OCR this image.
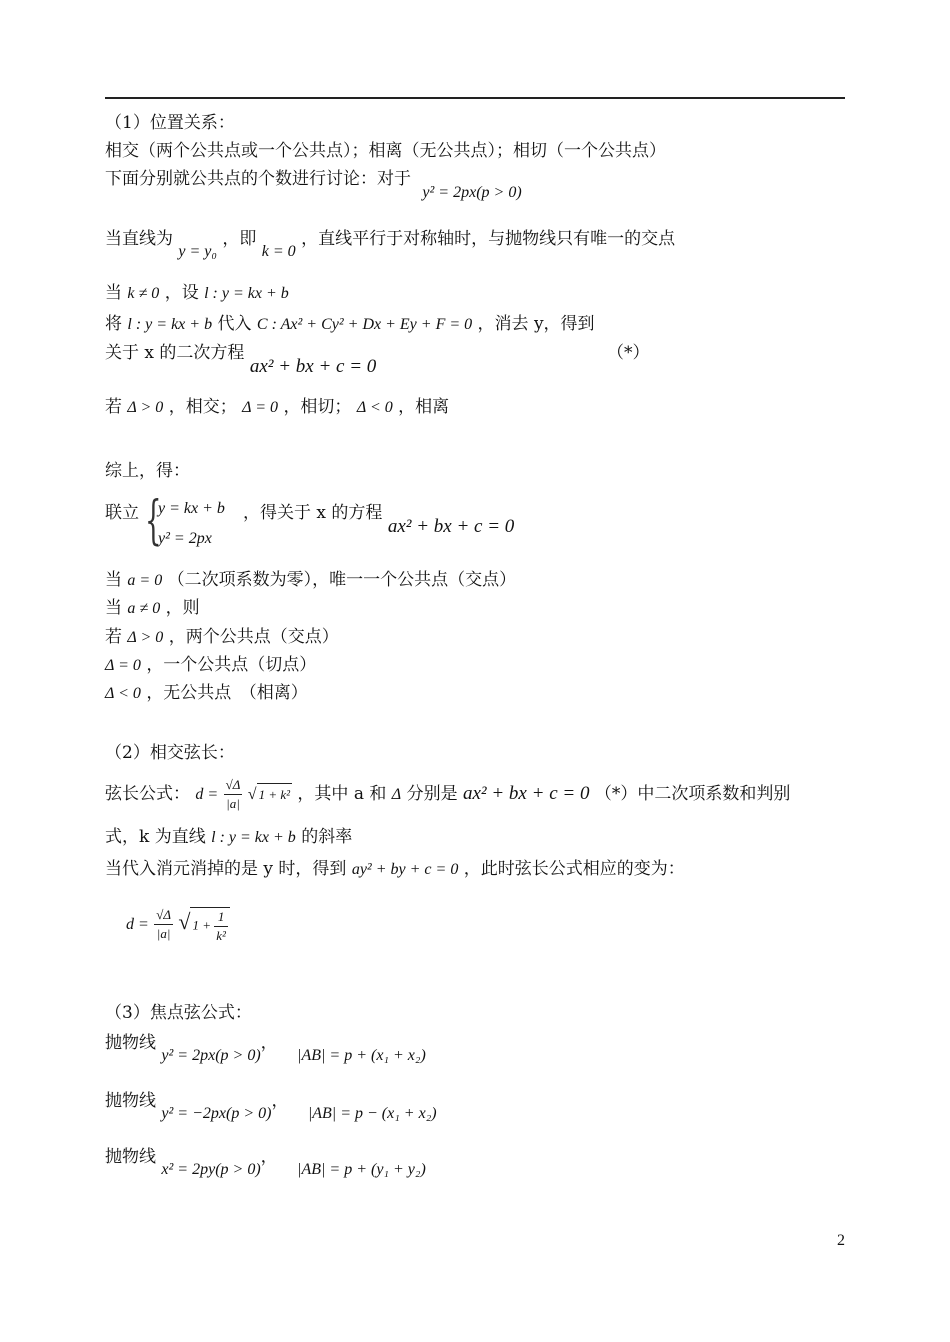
（1）位置关系：
相交（两个公共点或一个公共点）；相离（无公共点）；相切（一个公共点）
下面分别就公共点的个数进行讨论：对于 y² = 2px(p > 0)
当直线为 y = y₀ ，即 k = 0 ，直线平行于对称轴时，与抛物线只有唯一的交点
当 k ≠ 0 ，设 l : y = kx + b
将 l : y = kx + b 代入 C : Ax² + Cy² + Dx + Ey + F = 0 ，消去 y，得到
关于 x 的二次方程 ax² + bx + c = 0
（*）
若 Δ > 0 ，相交； Δ = 0 ，相切； Δ < 0 ，相离
综上，得：
联立 {
y = kx + b
y² = 2px
，得关于 x 的方程 ax² + bx + c = 0
当 a = 0 （二次项系数为零），唯一一个公共点（交点）
当 a ≠ 0 ，则
若 Δ > 0 ，两个公共点（交点）
Δ = 0 ，一个公共点（切点）
Δ < 0 ，无公共点　（相离）
（2）相交弦长：
弦长公式： $d = \frac{√\Delta}{|a|}$ √ 1 + k² ，其中 a 和 Δ 分别是 ax² + bx + c = 0 （*）中二次项系数和判别
式，k 为直线 l : y = kx + b 的斜率
当代入消元消掉的是 y 时，得到 ay² + by + c = 0 ，此时弦长公式相应的变为：
$d = \frac{√\Delta}{|a|}$ √ $1 + \frac{1}{\text{k²}}$
（3）焦点弦公式：
抛物线 y² = 2px(p > 0)， |AB| = p + (x₁ + x₂)
抛物线 y² = −2px(p > 0)， |AB| = p − (x₁ + x₂)
抛物线 x² = 2py(p > 0)， |AB| = p + (y₁ + y₂)
2
